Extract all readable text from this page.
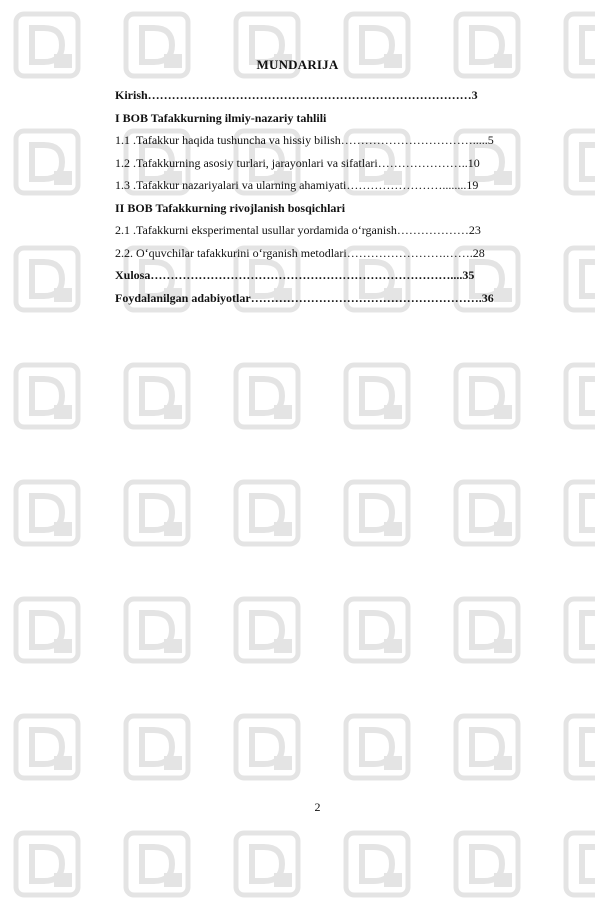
MUNDARIJA
Kirish………………………………………………………………………3
I BOB Tafakkurning ilmiy-nazariy tahlili
1.1 .Tafakkur haqida tushuncha va hissiy bilish…………………………….....5
1.2 .Tafakkurning asosiy turlari, jarayonlari va sifatlari…………………..10
1.3 .Tafakkur nazariyalari va ularning ahamiyati……………………........19
II BOB Tafakkurning rivojlanish bosqichlari
2.1 .Tafakkurni eksperimental usullar yordamida o‘rganish………………23
2.2. O‘quvchilar tafakkurini o‘rganish metodlari…………………….…….28
Xulosa…………………………………………………………………....35
Foydalanilgan adabiyotlar………………………………………………….36
2
